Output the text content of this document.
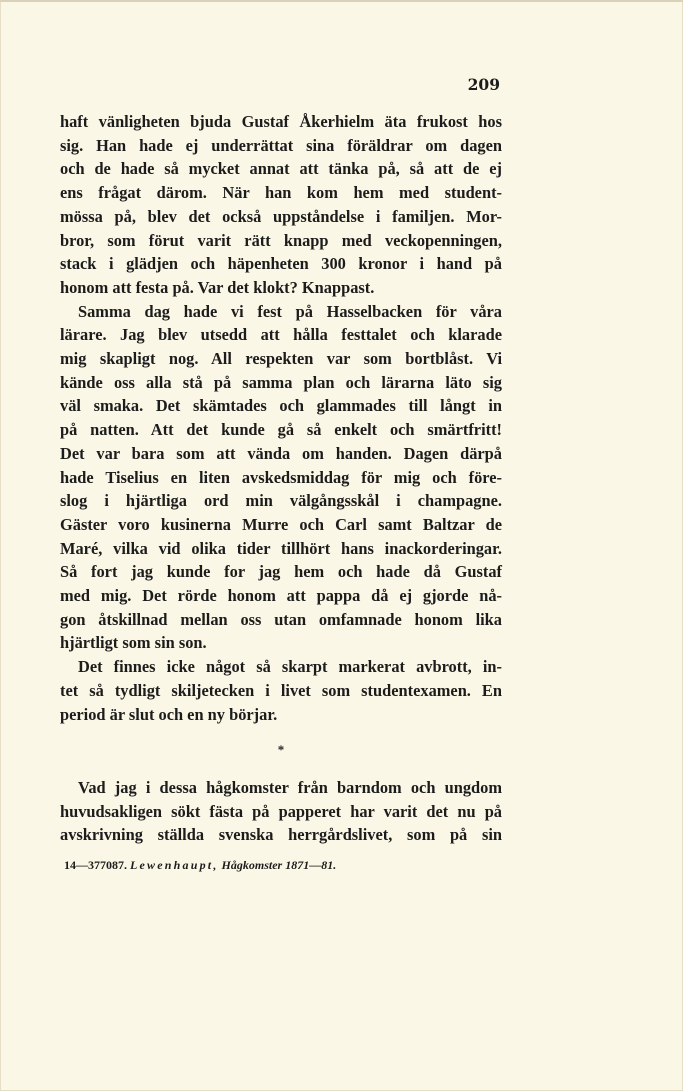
209
haft vänligheten bjuda Gustaf Åkerhielm äta frukost hos
sig. Han hade ej underrättat sina föräldrar om dagen
och de hade så mycket annat att tänka på, så att de ej
ens frågat därom. När han kom hem med student-
mössa på, blev det också uppståndelse i familjen. Mor-
bror, som förut varit rätt knapp med veckopenningen,
stack i glädjen och häpenheten 300 kronor i hand på
honom att festa på. Var det klokt? Knappast.
Samma dag hade vi fest på Hasselbacken för våra
lärare. Jag blev utsedd att hålla festtalet och klarade
mig skapligt nog. All respekten var som bortblåst. Vi
kände oss alla stå på samma plan och lärarna läto sig
väl smaka. Det skämtades och glammades till långt in
på natten. Att det kunde gå så enkelt och smärtfritt!
Det var bara som att vända om handen. Dagen därpå
hade Tiselius en liten avskedsmiddag för mig och före-
slog i hjärtliga ord min välgångsskål i champagne.
Gäster voro kusinerna Murre och Carl samt Baltzar de
Maré, vilka vid olika tider tillhört hans inackorderingar.
Så fort jag kunde for jag hem och hade då Gustaf
med mig. Det rörde honom att pappa då ej gjorde nå-
gon åtskillnad mellan oss utan omfamnade honom lika
hjärtligt som sin son.
Det finnes icke något så skarpt markerat avbrott, in-
tet så tydligt skiljetecken i livet som studentexamen. En
period är slut och en ny börjar.
*
Vad jag i dessa hågkomster från barndom och ungdom
huvudsakligen sökt fästa på papperet har varit det nu på
avskrivning ställda svenska herrgårdslivet, som på sin
14—377087. Lewenhaupt, Hågkomster 1871—81.
